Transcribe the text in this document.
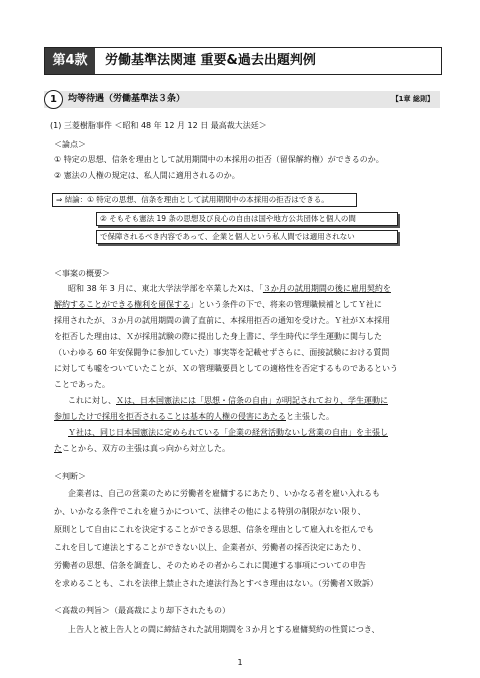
第4款	労働基準法関連 重要&過去出題判例
1	均等待遇（労働基準法３条）	【1章 総則】
(1) 三菱樹脂事件 ＜昭和 48 年 12 月 12 日 最高裁大法廷＞
＜論点＞
① 特定の思想、信条を理由として試用期間中の本採用の拒否（留保解約権）ができるのか。
② 憲法の人権の規定は、私人間に適用されるのか。
⇒ 結論：① 特定の思想、信条を理由として試用期間中の本採用の拒否はできる。
② そもそも憲法 19 条の思想及び良心の自由は国や地方公共団体と個人の間
で保障されるべき内容であって、企業と個人という私人間では適用されない
＜事案の概要＞
昭和 38 年 3 月に、東北大学法学部を卒業したXは、「３か月の試用期間の後に雇用契約を
解約することができる権利を留保する」という条件の下で、将来の管理職候補としてＹ社に
採用されたが、３か月の試用期間の満了直前に、本採用拒否の通知を受けた。Ｙ社がＸ本採用
を拒否した理由は、Ｘが採用試験の際に提出した身上書に、学生時代に学生運動に関与した
（いわゆる 60 年安保闘争に参加していた）事実等を記載せずさらに、面接試験における質問
に対しても嘘をついていたことが、Ｘの管理職要員としての適格性を否定するものであるという
ことであった。
これに対し、Ｘは、日本国憲法には「思想・信条の自由」が明記されており、学生運動に
参加したけで採用を拒否されることは基本的人権の侵害にあたると主張した。
Ｙ社は、同じ日本国憲法に定められている「企業の経営活動ないし営業の自由」を主張し
たことから、双方の主張は真っ向から対立した。
＜判断＞
企業者は、自己の営業のために労働者を雇傭するにあたり、いかなる者を雇い入れるも
か、いかなる条件でこれを雇うかについて、法律その他による特別の制限がない限り、
原則として自由にこれを決定することができる思想、信条を理由として雇入れを拒んでも
これを目して違法とすることができない以上、企業者が、労働者の採否決定にあたり、
労働者の思想、信条を調査し、そのためその者からこれに関連する事項についての申告
を求めることも、これを法律上禁止された違法行為とすべき理由はない。（労働者Ｘ敗訴）
＜高裁の判旨＞（最高裁により却下されたもの）
上告人と被上告人との間に締結された試用期間を３か月とする雇傭契約の性質につき、
1
